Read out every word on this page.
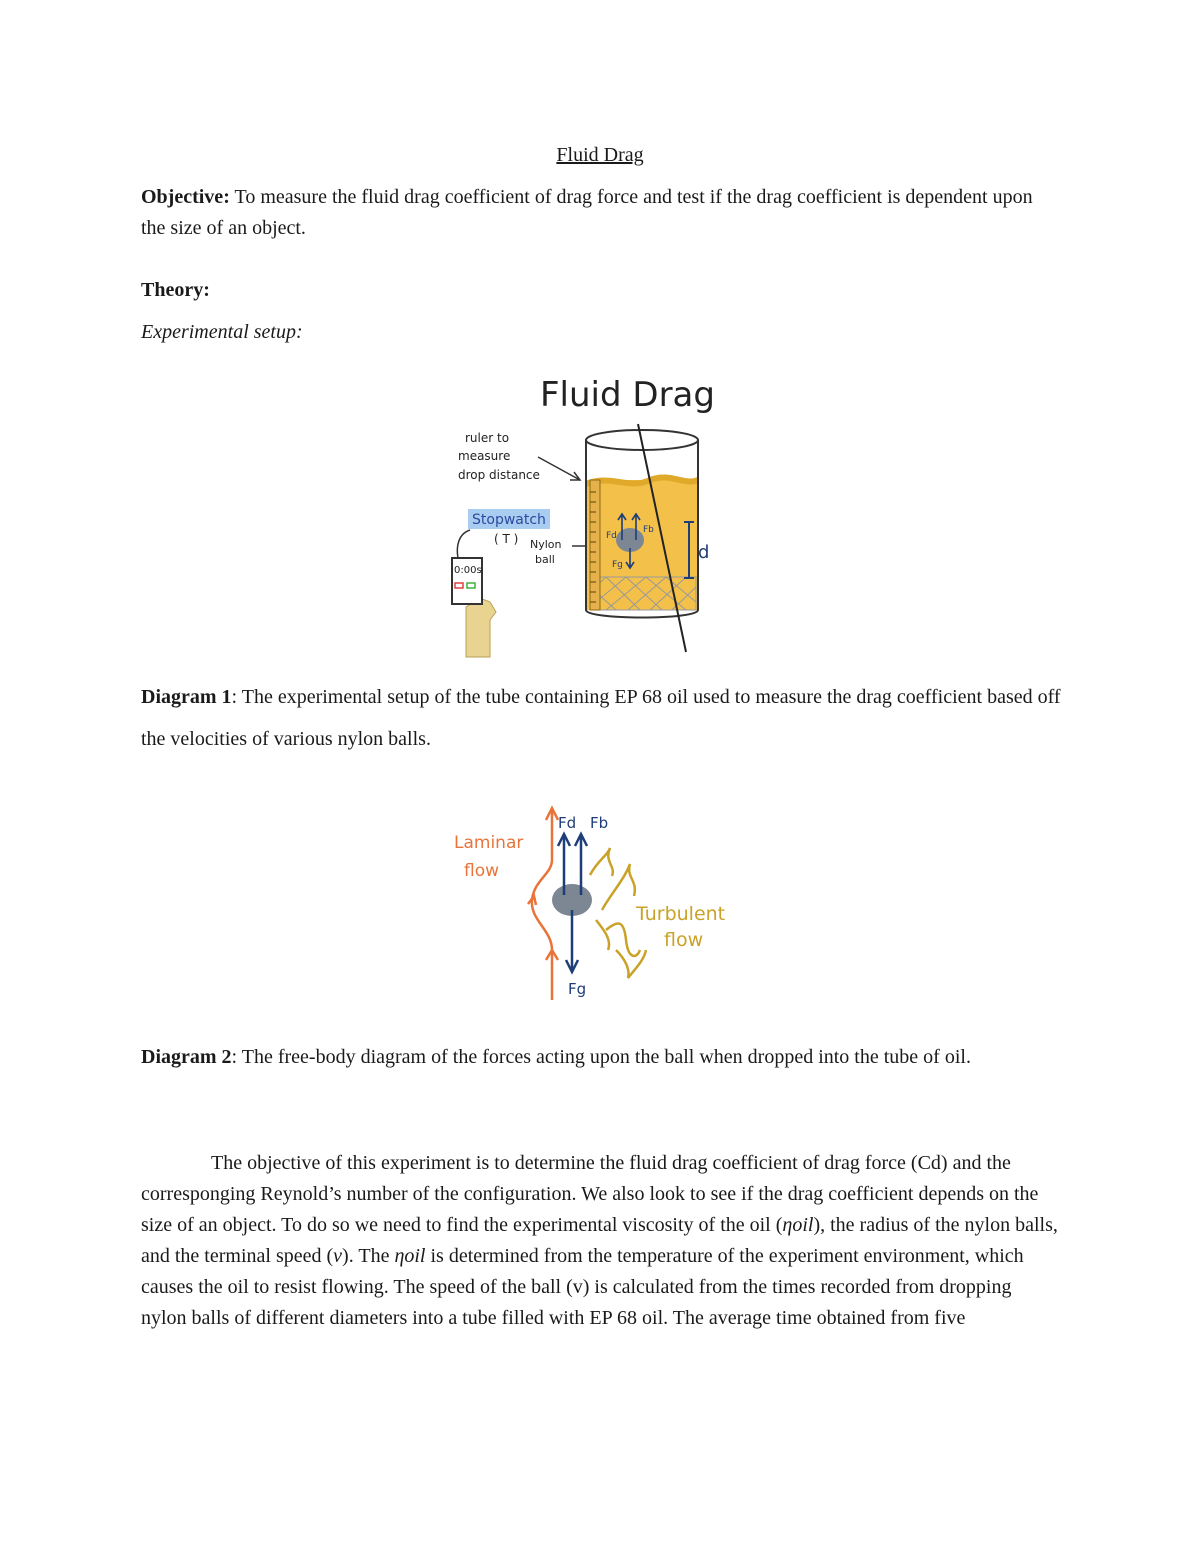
Fluid Drag
Objective: To measure the fluid drag coefficient of drag force and test if the drag coefficient is dependent upon the size of an object.
Theory:
Experimental setup:
Fluid Drag
0:00s
Stopwatch
( T )
ruler to
measure
drop distance
Nylon
ball
Fd
Fb
Fg
d
Diagram 1: The experimental setup of the tube containing EP 68 oil used to measure the drag coefficient based off the velocities of various nylon balls.
Laminar
flow
Fd Fb
Fg
Turbulent
flow
Diagram 2: The free-body diagram of the forces acting upon the ball when dropped into the tube of oil.
The objective of this experiment is to determine the fluid drag coefficient of drag force (Cd) and the corresponging Reynold’s number of the configuration. We also look to see if the drag coefficient depends on the size of an object. To do so we need to find the experimental viscosity of the oil (ηoil), the radius of the nylon balls, and the terminal speed (v). The ηoil is determined from the temperature of the experiment environment, which causes the oil to resist flowing. The speed of the ball (v) is calculated from the times recorded from dropping nylon balls of different diameters into a tube filled with EP 68 oil. The average time obtained from five
